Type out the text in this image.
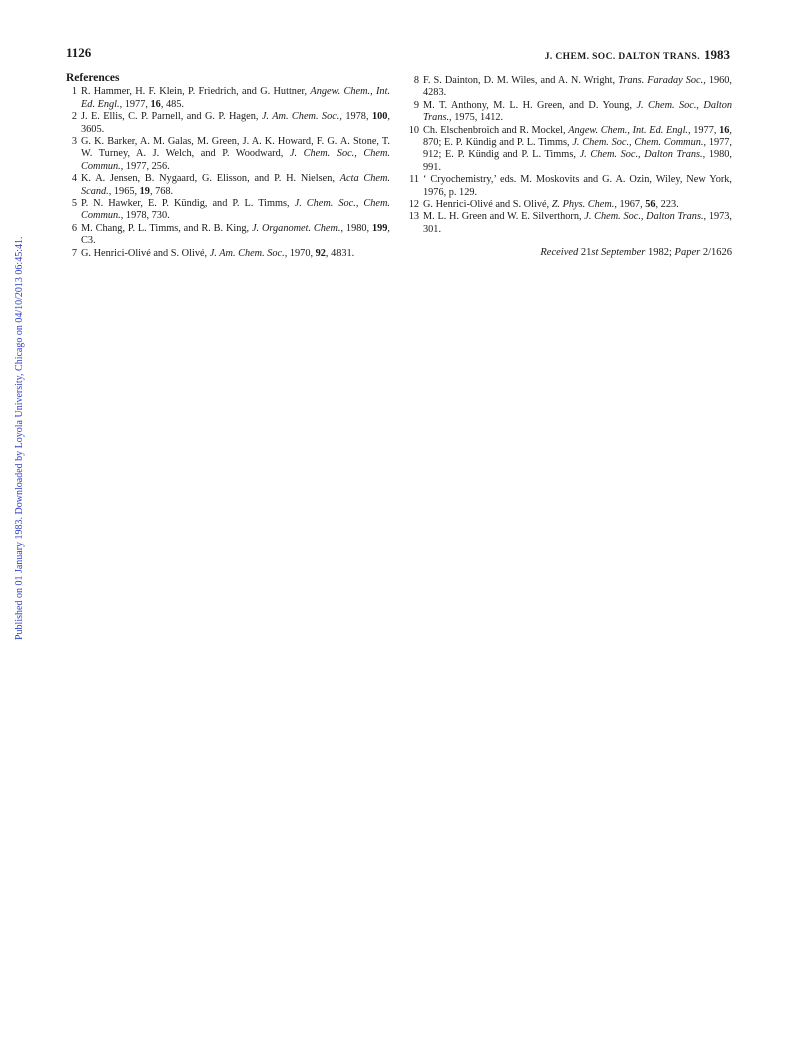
1126	J. CHEM. SOC. DALTON TRANS. 1983
Published on 01 January 1983. Downloaded by Loyola University, Chicago on 04/10/2013 06:45:41.
References

1 R. Hammer, H. F. Klein, P. Friedrich, and G. Huttner, Angew. Chem., Int. Ed. Engl., 1977, 16, 485.

2 J. E. Ellis, C. P. Parnell, and G. P. Hagen, J. Am. Chem. Soc., 1978, 100, 3605.

3 G. K. Barker, A. M. Galas, M. Green, J. A. K. Howard, F. G. A. Stone, T. W. Turney, A. J. Welch, and P. Woodward, J. Chem. Soc., Chem. Commun., 1977, 256.

4 K. A. Jensen, B. Nygaard, G. Elisson, and P. H. Nielsen, Acta Chem. Scand., 1965, 19, 768.

5 P. N. Hawker, E. P. Kündig, and P. L. Timms, J. Chem. Soc., Chem. Commun., 1978, 730.

6 M. Chang, P. L. Timms, and R. B. King, J. Organomet. Chem., 1980, 199, C3.

7 G. Henrici-Olivé and S. Olivé, J. Am. Chem. Soc., 1970, 92, 4831.

8 F. S. Dainton, D. M. Wiles, and A. N. Wright, Trans. Faraday Soc., 1960, 4283.

9 M. T. Anthony, M. L. H. Green, and D. Young, J. Chem. Soc., Dalton Trans., 1975, 1412.

10 Ch. Elschenbroich and R. Mockel, Angew. Chem., Int. Ed. Engl., 1977, 16, 870; E. P. Kündig and P. L. Timms, J. Chem. Soc., Chem. Commun., 1977, 912; E. P. Kündig and P. L. Timms, J. Chem. Soc., Dalton Trans., 1980, 991.

11 ‘ Cryochemistry,’ eds. M. Moskovits and G. A. Ozin, Wiley, New York, 1976, p. 129.

12 G. Henrici-Olivé and S. Olivé, Z. Phys. Chem., 1967, 56, 223.

13 M. L. H. Green and W. E. Silverthorn, J. Chem. Soc., Dalton Trans., 1973, 301.

Received 21st September 1982; Paper 2/1626
